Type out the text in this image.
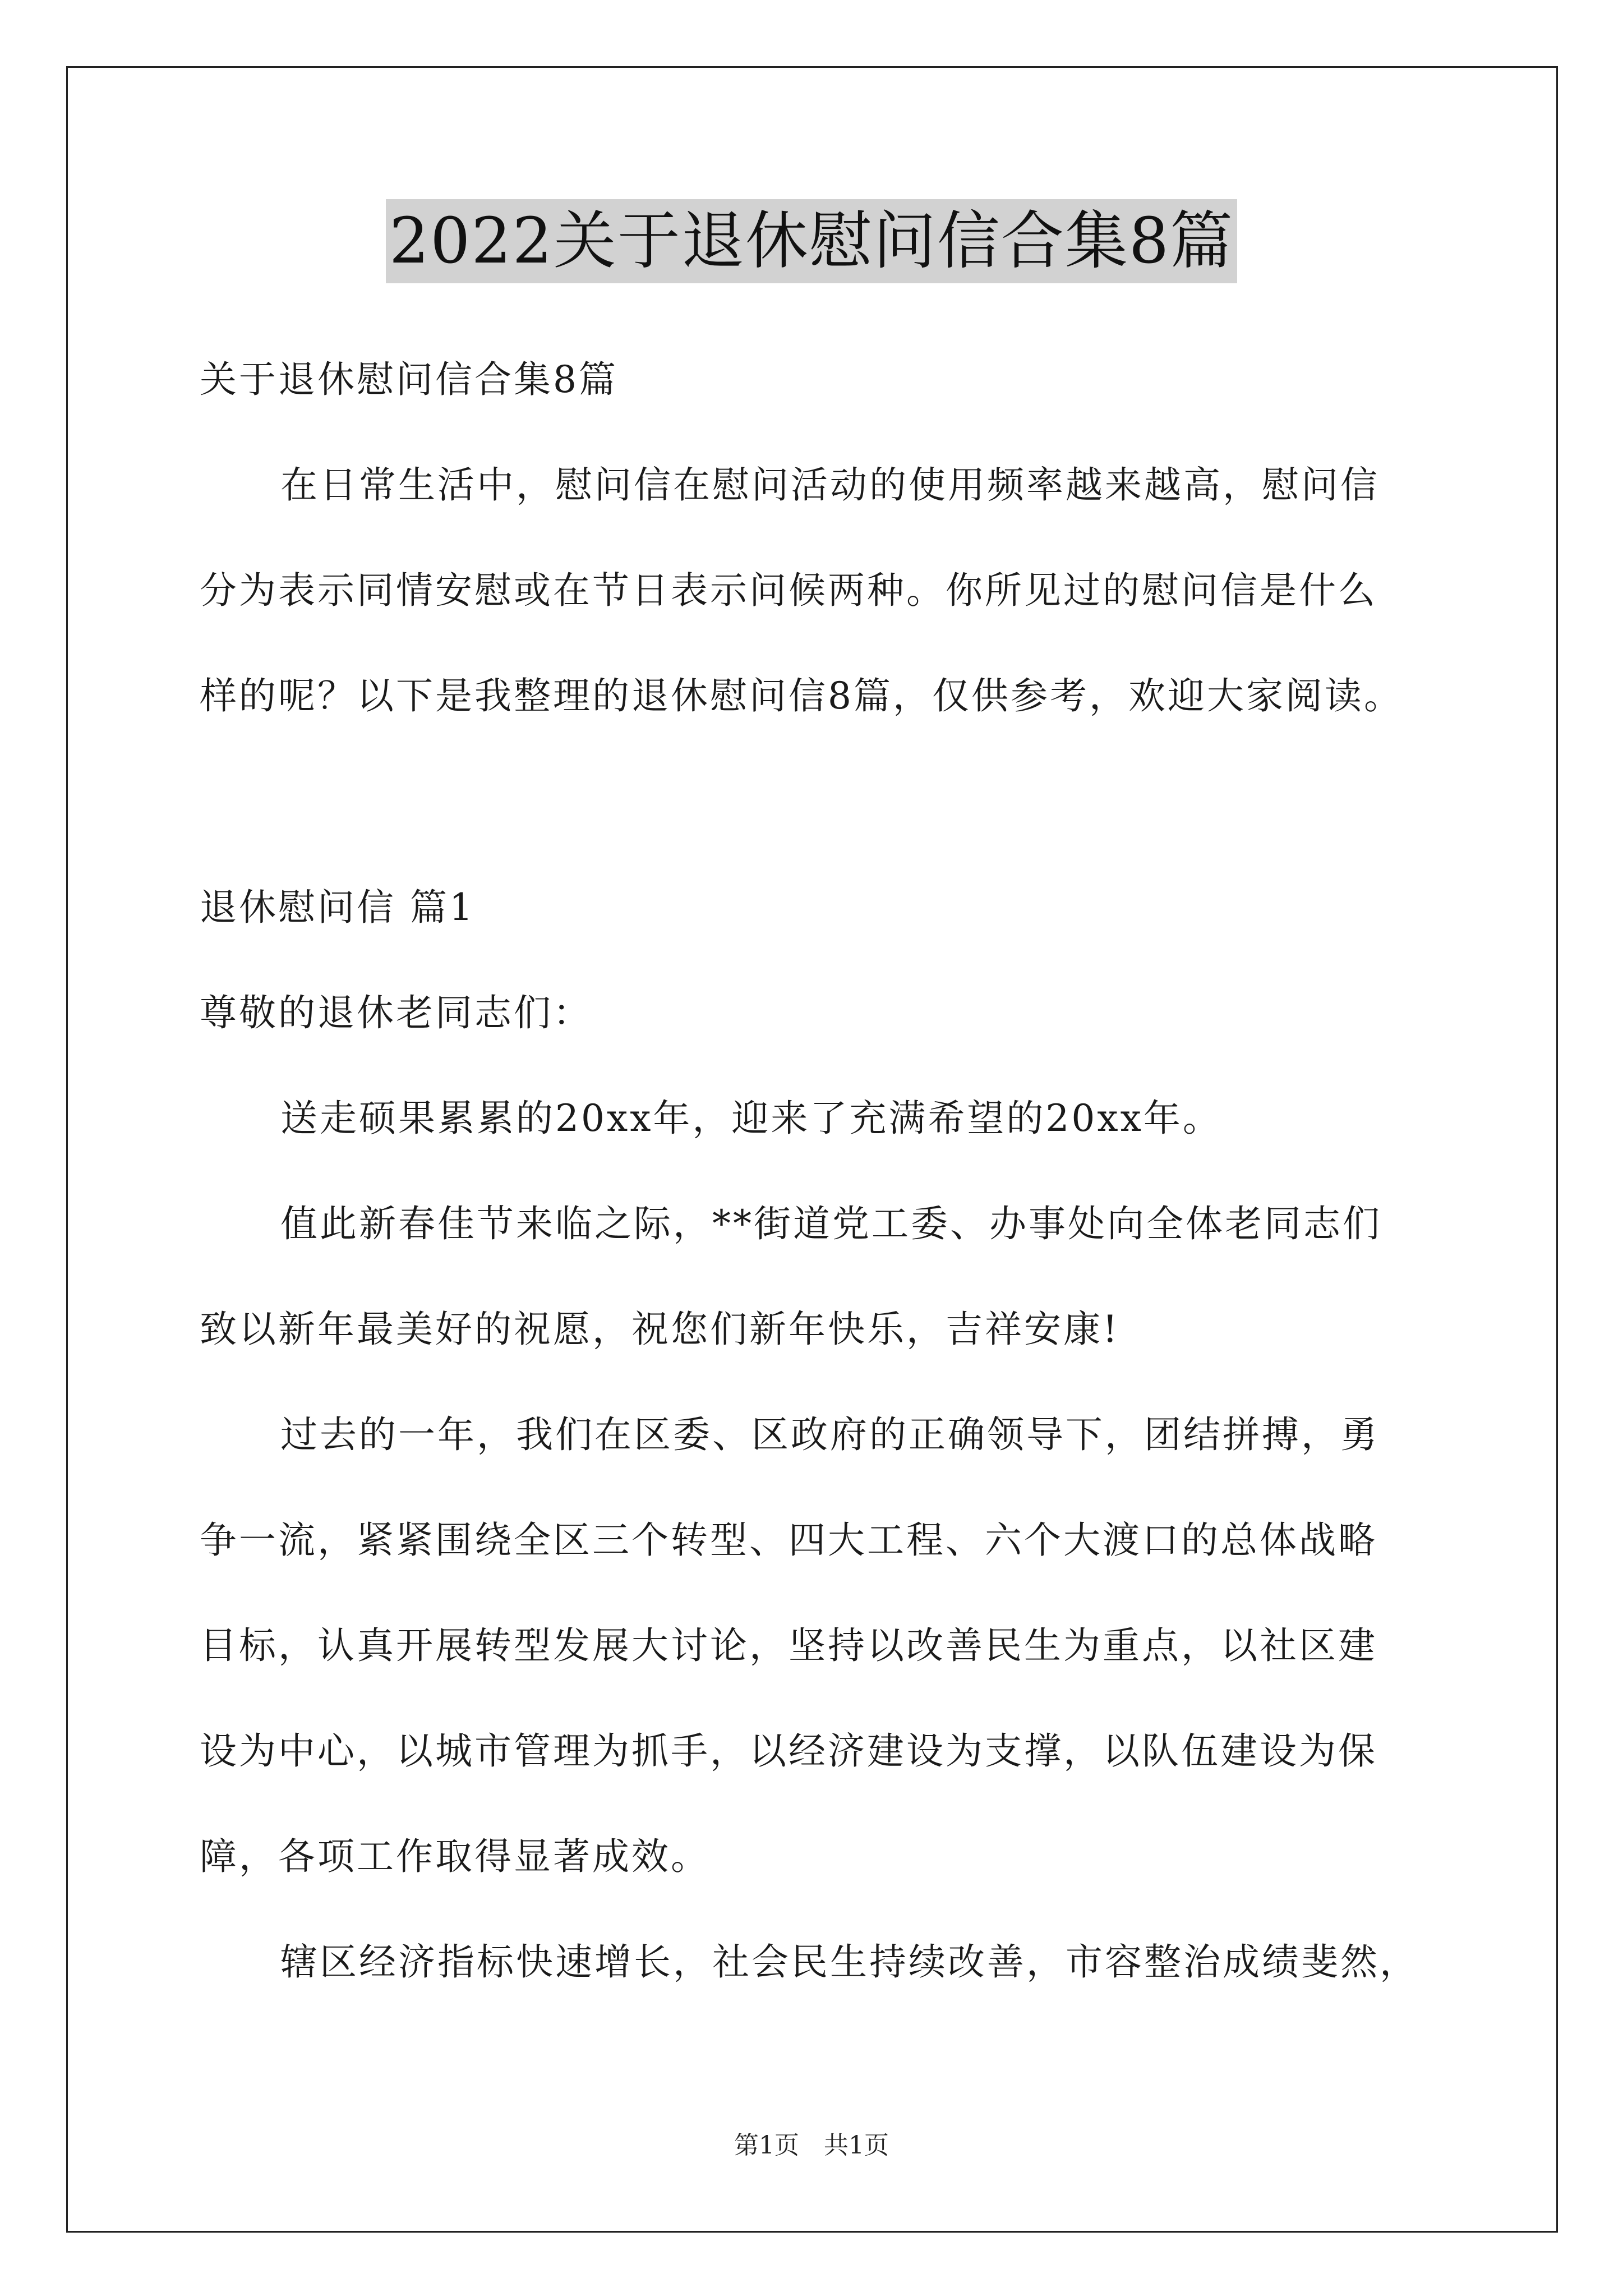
2022关于退休慰问信合集8篇
关于退休慰问信合集8篇
在日常生活中，慰问信在慰问活动的使用频率越来越高，慰问信
分为表示同情安慰或在节日表示问候两种。你所见过的慰问信是什么
样的呢？以下是我整理的退休慰问信8篇，仅供参考，欢迎大家阅读。
退休慰问信 篇1
尊敬的退休老同志们：
送走硕果累累的20xx年，迎来了充满希望的20xx年。
值此新春佳节来临之际，**街道党工委、办事处向全体老同志们
致以新年最美好的祝愿，祝您们新年快乐，吉祥安康!
过去的一年，我们在区委、区政府的正确领导下，团结拼搏，勇
争一流，紧紧围绕全区三个转型、四大工程、六个大渡口的总体战略
目标，认真开展转型发展大讨论，坚持以改善民生为重点，以社区建
设为中心，以城市管理为抓手，以经济建设为支撑，以队伍建设为保
障，各项工作取得显著成效。
辖区经济指标快速增长，社会民生持续改善，市容整治成绩斐然，
第1页　共1页
